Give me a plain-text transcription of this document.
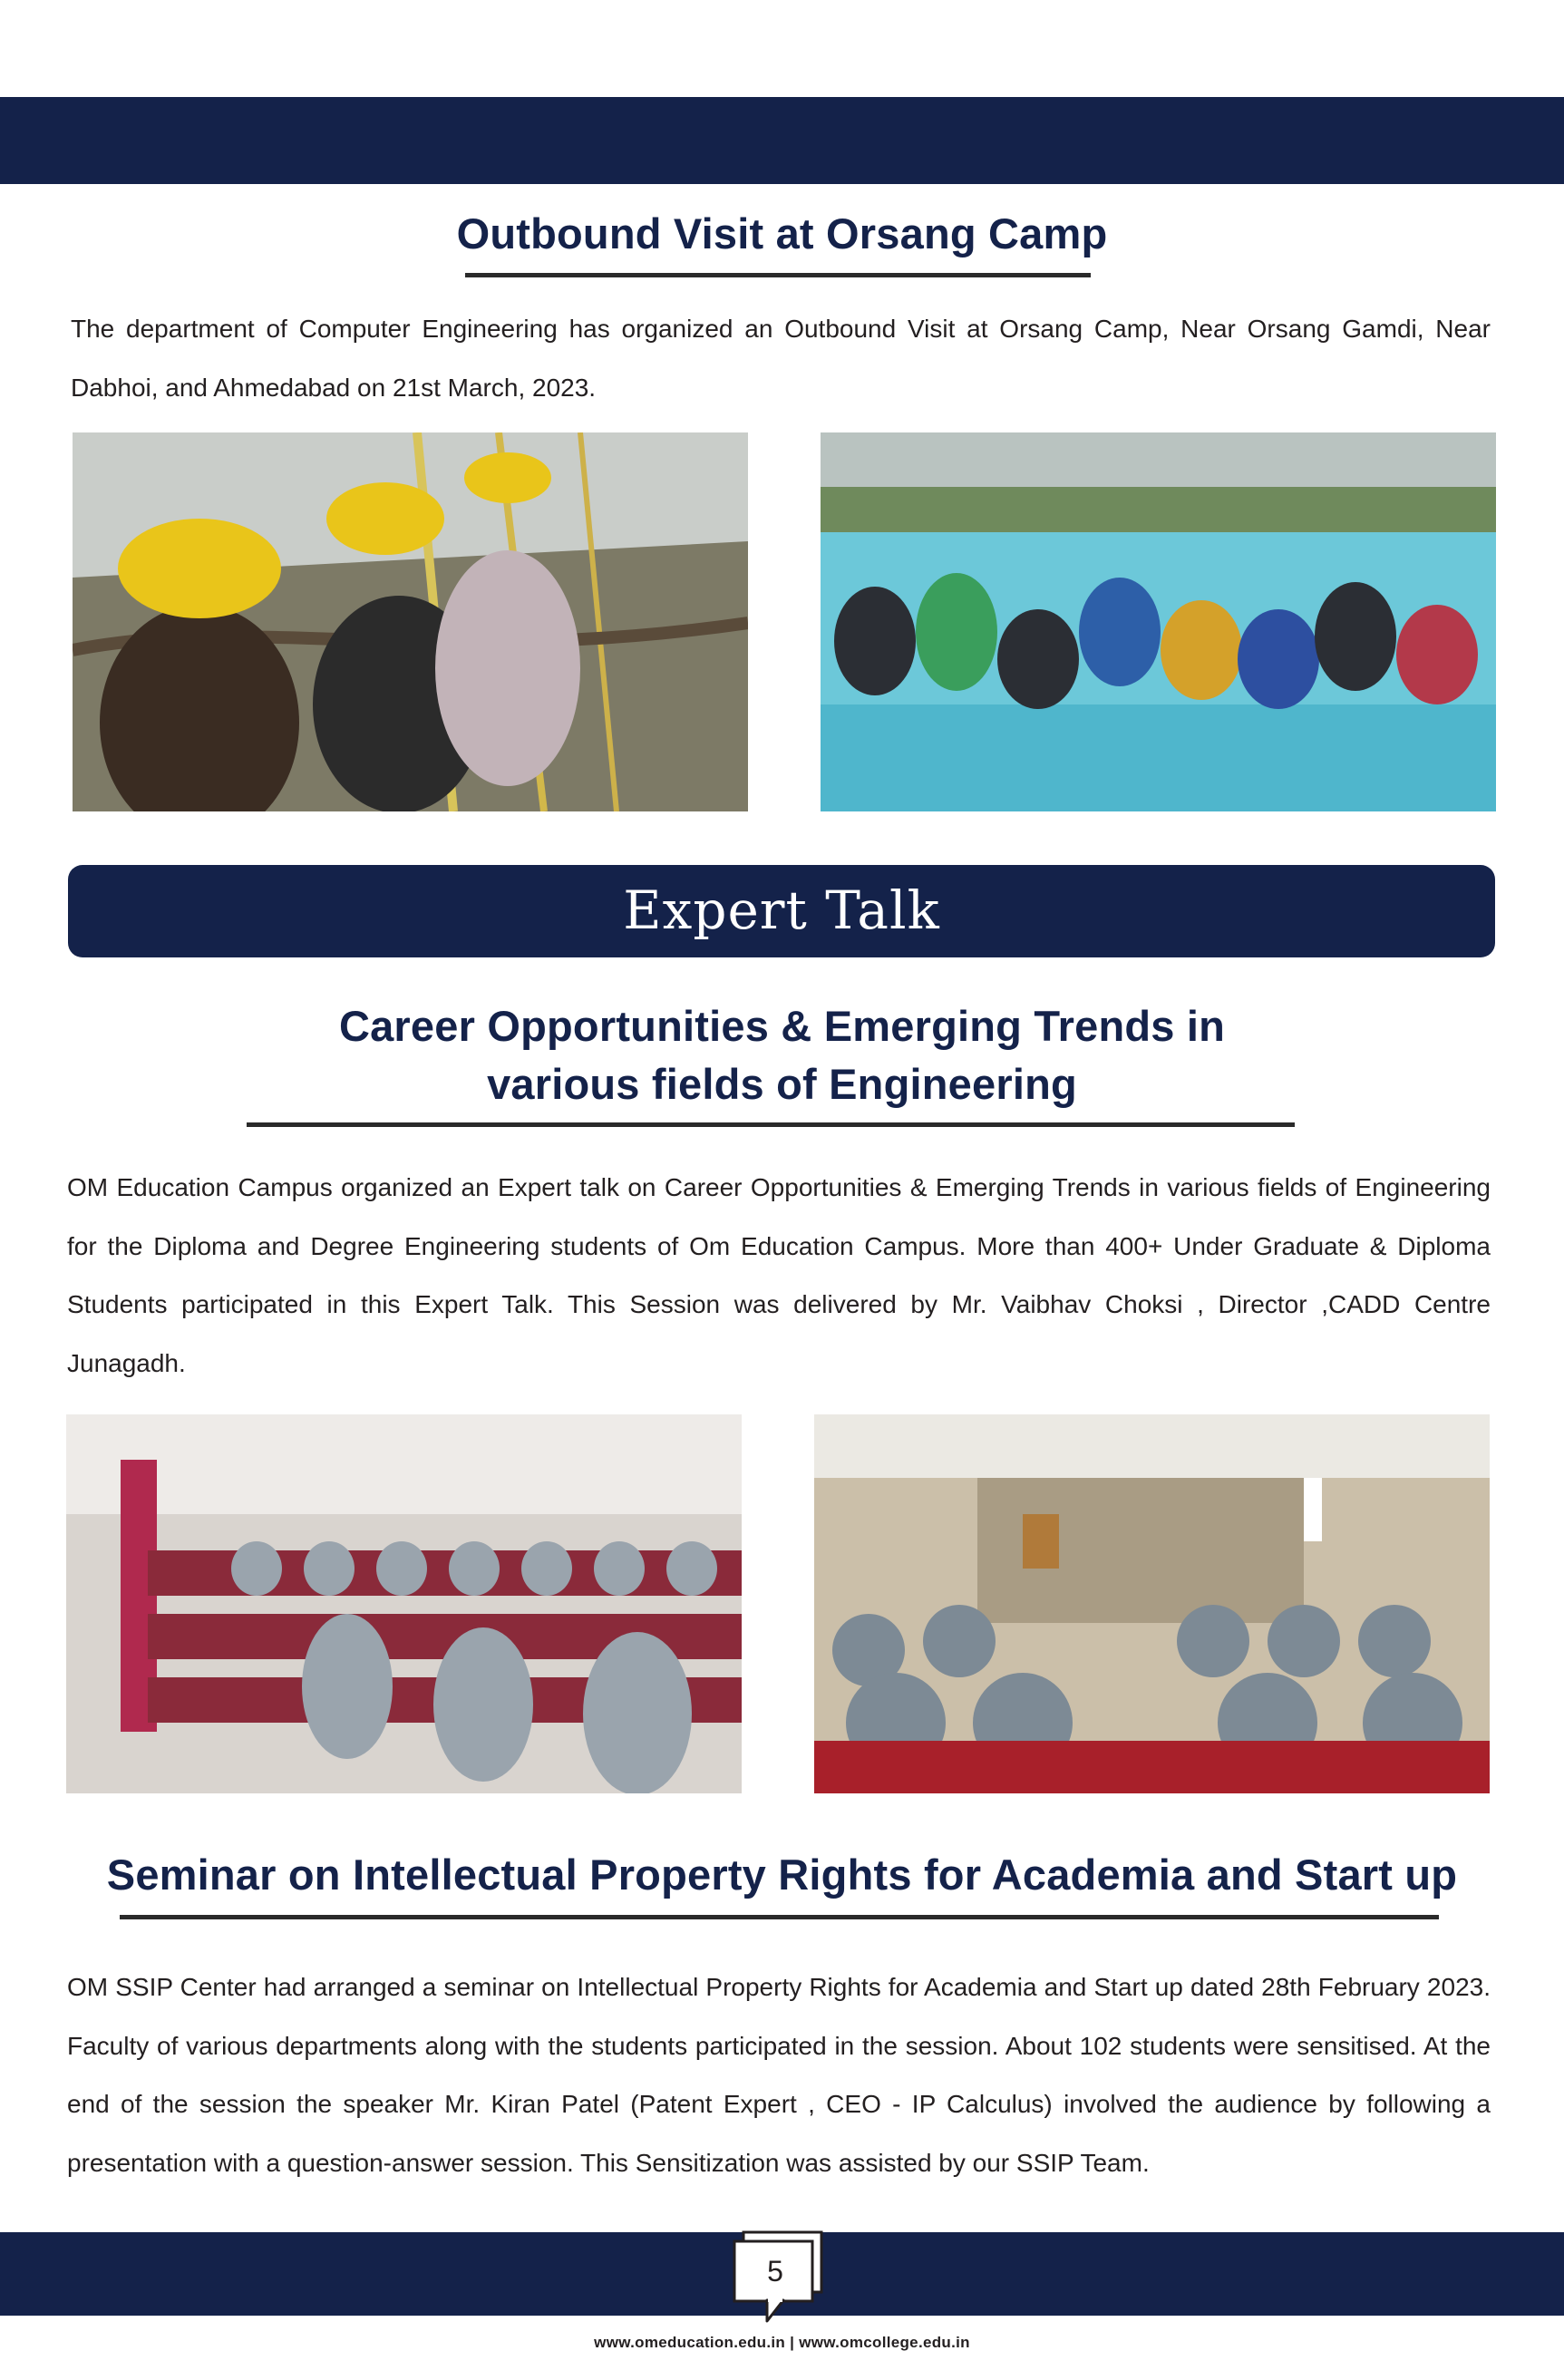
Outbound Visit at Orsang Camp

The department of Computer Engineering has organized an Outbound Visit at Orsang Camp, Near Orsang Gamdi, Near Dabhoi, and Ahmedabad on 21st March, 2023.

Expert Talk
Career Opportunities & Emerging Trends in
various fields of Engineering

OM Education Campus organized an Expert talk on Career Opportunities & Emerging Trends in various fields of Engineering for the Diploma and Degree Engineering students of Om Education Campus. More than 400+ Under Graduate & Diploma Students participated in this Expert Talk. This Session was delivered by Mr. Vaibhav Choksi , Director ,CADD Centre Junagadh.

Seminar on Intellectual Property Rights for Academia and Start up

OM SSIP Center had arranged a seminar on Intellectual Property Rights for Academia and Start up dated 28th February 2023. Faculty of various departments along with the students participated in the session. About 102 students were sensitised. At the end of the session the speaker Mr. Kiran Patel (Patent Expert , CEO - IP Calculus) involved the audience by following a presentation with a question-answer session. This Sensitization was assisted by our SSIP Team.

5
www.omeducation.edu.in | www.omcollege.edu.in
